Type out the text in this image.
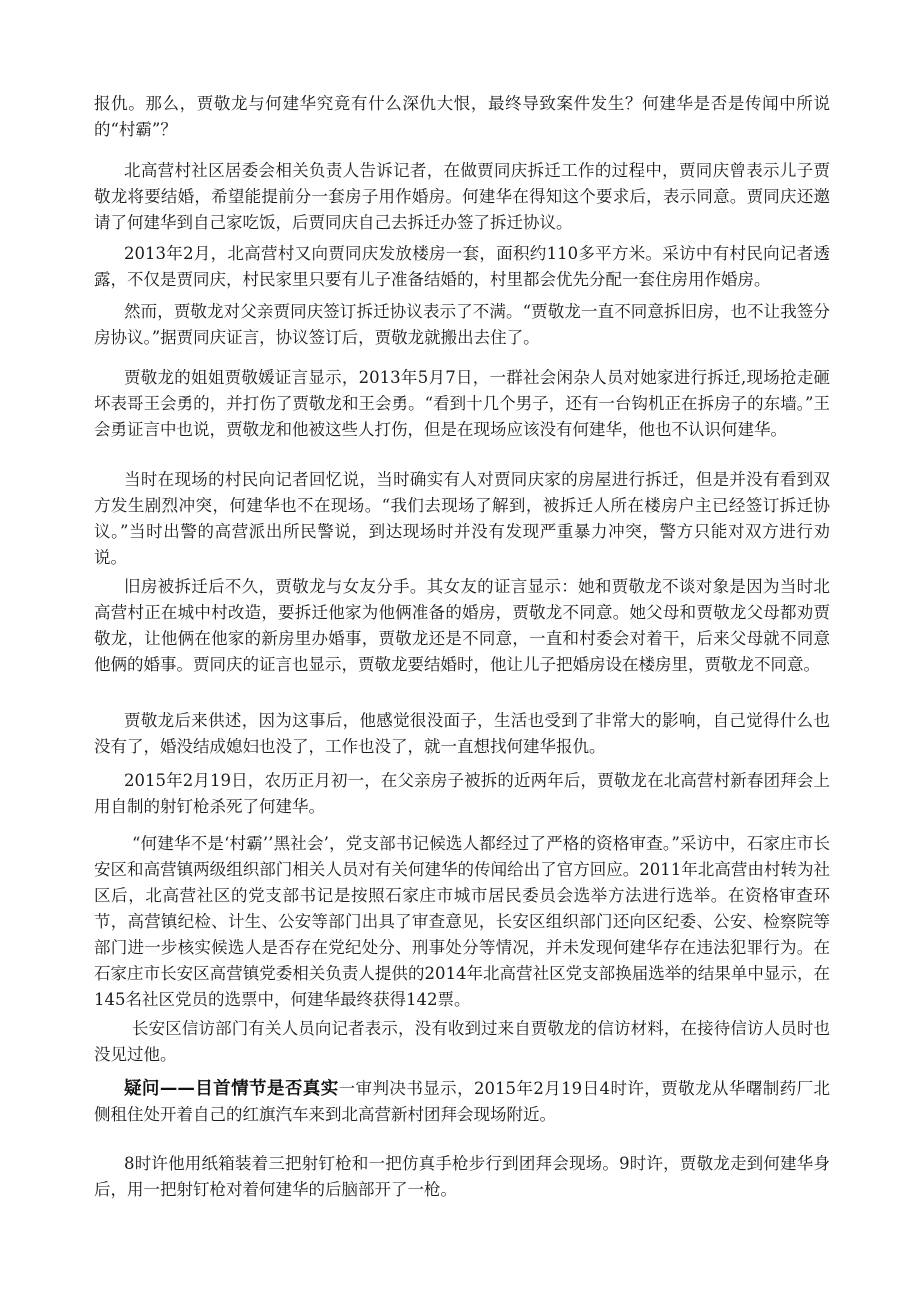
报仇。那么，贾敬龙与何建华究竟有什么深仇大恨，最终导致案件发生？何建华是否是传闻中所说的“村霸”？

北高营村社区居委会相关负责人告诉记者，在做贾同庆拆迁工作的过程中，贾同庆曾表示儿子贾敬龙将要结婚，希望能提前分一套房子用作婚房。何建华在得知这个要求后，表示同意。贾同庆还邀请了何建华到自己家吃饭，后贾同庆自己去拆迁办签了拆迁协议。

2013年2月，北高营村又向贾同庆发放楼房一套，面积约110多平方米。采访中有村民向记者透露，不仅是贾同庆，村民家里只要有儿子准备结婚的，村里都会优先分配一套住房用作婚房。

然而，贾敬龙对父亲贾同庆签订拆迁协议表示了不满。“贾敬龙一直不同意拆旧房，也不让我签分房协议。”据贾同庆证言，协议签订后，贾敬龙就搬出去住了。

贾敬龙的姐姐贾敬媛证言显示，2013年5月7日，一群社会闲杂人员对她家进行拆迁,现场抢走砸坏表哥王会勇的，并打伤了贾敬龙和王会勇。“看到十几个男子，还有一台钩机正在拆房子的东墙。”王会勇证言中也说，贾敬龙和他被这些人打伤，但是在现场应该没有何建华，他也不认识何建华。

当时在现场的村民向记者回忆说，当时确实有人对贾同庆家的房屋进行拆迁，但是并没有看到双方发生剧烈冲突，何建华也不在现场。“我们去现场了解到，被拆迁人所在楼房户主已经签订拆迁协议。”当时出警的高营派出所民警说，到达现场时并没有发现严重暴力冲突，警方只能对双方进行劝说。

旧房被拆迁后不久，贾敬龙与女友分手。其女友的证言显示：她和贾敬龙不谈对象是因为当时北高营村正在城中村改造，要拆迁他家为他俩准备的婚房，贾敬龙不同意。她父母和贾敬龙父母都劝贾敬龙，让他俩在他家的新房里办婚事，贾敬龙还是不同意，一直和村委会对着干，后来父母就不同意他俩的婚事。贾同庆的证言也显示，贾敬龙要结婚时，他让儿子把婚房设在楼房里，贾敬龙不同意。

贾敬龙后来供述，因为这事后，他感觉很没面子，生活也受到了非常大的影响，自己觉得什么也没有了，婚没结成媳妇也没了，工作也没了，就一直想找何建华报仇。

2015年2月19日，农历正月初一，在父亲房子被拆的近两年后，贾敬龙在北高营村新春团拜会上用自制的射钉枪杀死了何建华。

“何建华不是‘村霸’’黑社会’，党支部书记候选人都经过了严格的资格审查。”采访中，石家庄市长安区和高营镇两级组织部门相关人员对有关何建华的传闻给出了官方回应。2011年北高营由村转为社区后，北高营社区的党支部书记是按照石家庄市城市居民委员会选举方法进行选举。在资格审查环节，高营镇纪检、计生、公安等部门出具了审查意见，长安区组织部门还向区纪委、公安、检察院等部门进一步核实候选人是否存在党纪处分、刑事处分等情况，并未发现何建华存在违法犯罪行为。在石家庄市长安区高营镇党委相关负责人提供的2014年北高营社区党支部换届选举的结果单中显示，在145名社区党员的选票中，何建华最终获得142票。

长安区信访部门有关人员向记者表示，没有收到过来自贾敬龙的信访材料，在接待信访人员时也没见过他。

疑问——目首情节是否真实一审判决书显示，2015年2月19日4时许，贾敬龙从华曙制药厂北侧租住处开着自己的红旗汽车来到北高营新村团拜会现场附近。

8时许他用纸箱装着三把射钉枪和一把仿真手枪步行到团拜会现场。9时许，贾敬龙走到何建华身后，用一把射钉枪对着何建华的后脑部开了一枪。
